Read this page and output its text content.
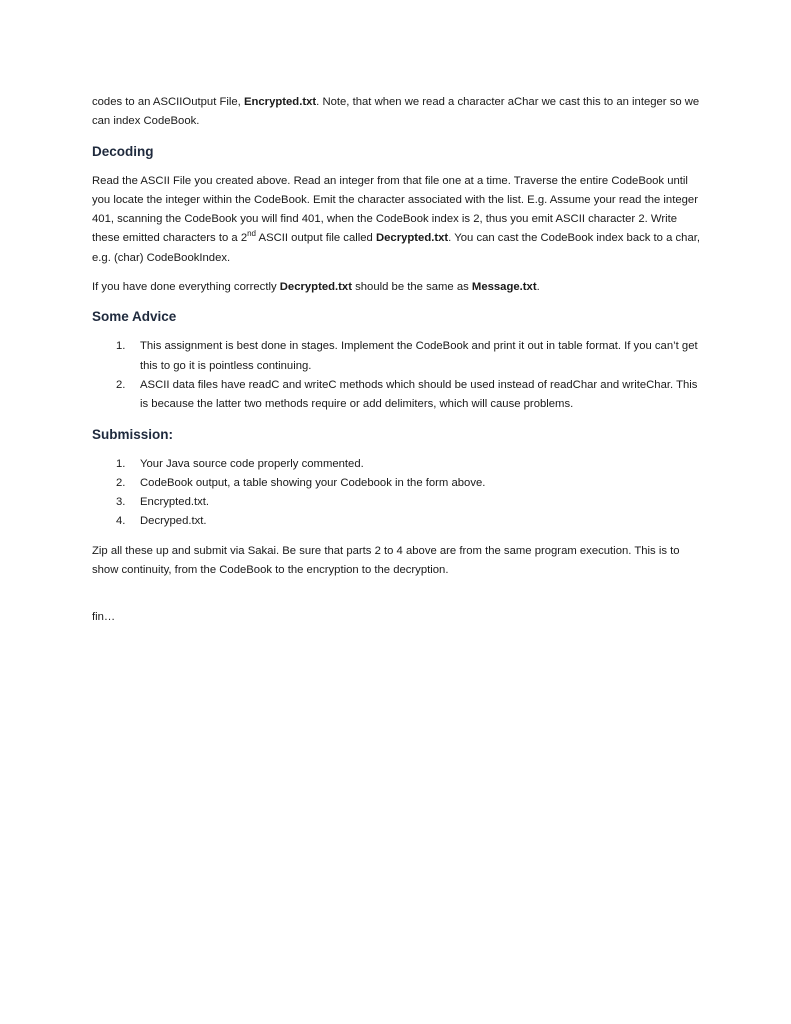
codes to an ASCIIOutput File, Encrypted.txt. Note, that when we read a character aChar we cast this to an integer so we can index CodeBook.

Decoding

Read the ASCII File you created above. Read an integer from that file one at a time. Traverse the entire CodeBook until you locate the integer within the CodeBook. Emit the character associated with the list. E.g. Assume your read the integer 401, scanning the CodeBook you will find 401, when the CodeBook index is 2, thus you emit ASCII character 2. Write these emitted characters to a 2nd ASCII output file called Decrypted.txt. You can cast the CodeBook index back to a char, e.g. (char) CodeBookIndex.

If you have done everything correctly Decrypted.txt should be the same as Message.txt.

Some Advice
1. This assignment is best done in stages. Implement the CodeBook and print it out in table format. If you can’t get this to go it is pointless continuing.
2. ASCII data files have readC and writeC methods which should be used instead of readChar and writeChar. This is because the latter two methods require or add delimiters, which will cause problems.
Submission:
1. Your Java source code properly commented.
2. CodeBook output, a table showing your Codebook in the form above.
3. Encrypted.txt.
4. Decryped.txt.

Zip all these up and submit via Sakai. Be sure that parts 2 to 4 above are from the same program execution. This is to show continuity, from the CodeBook to the encryption to the decryption.

fin…
